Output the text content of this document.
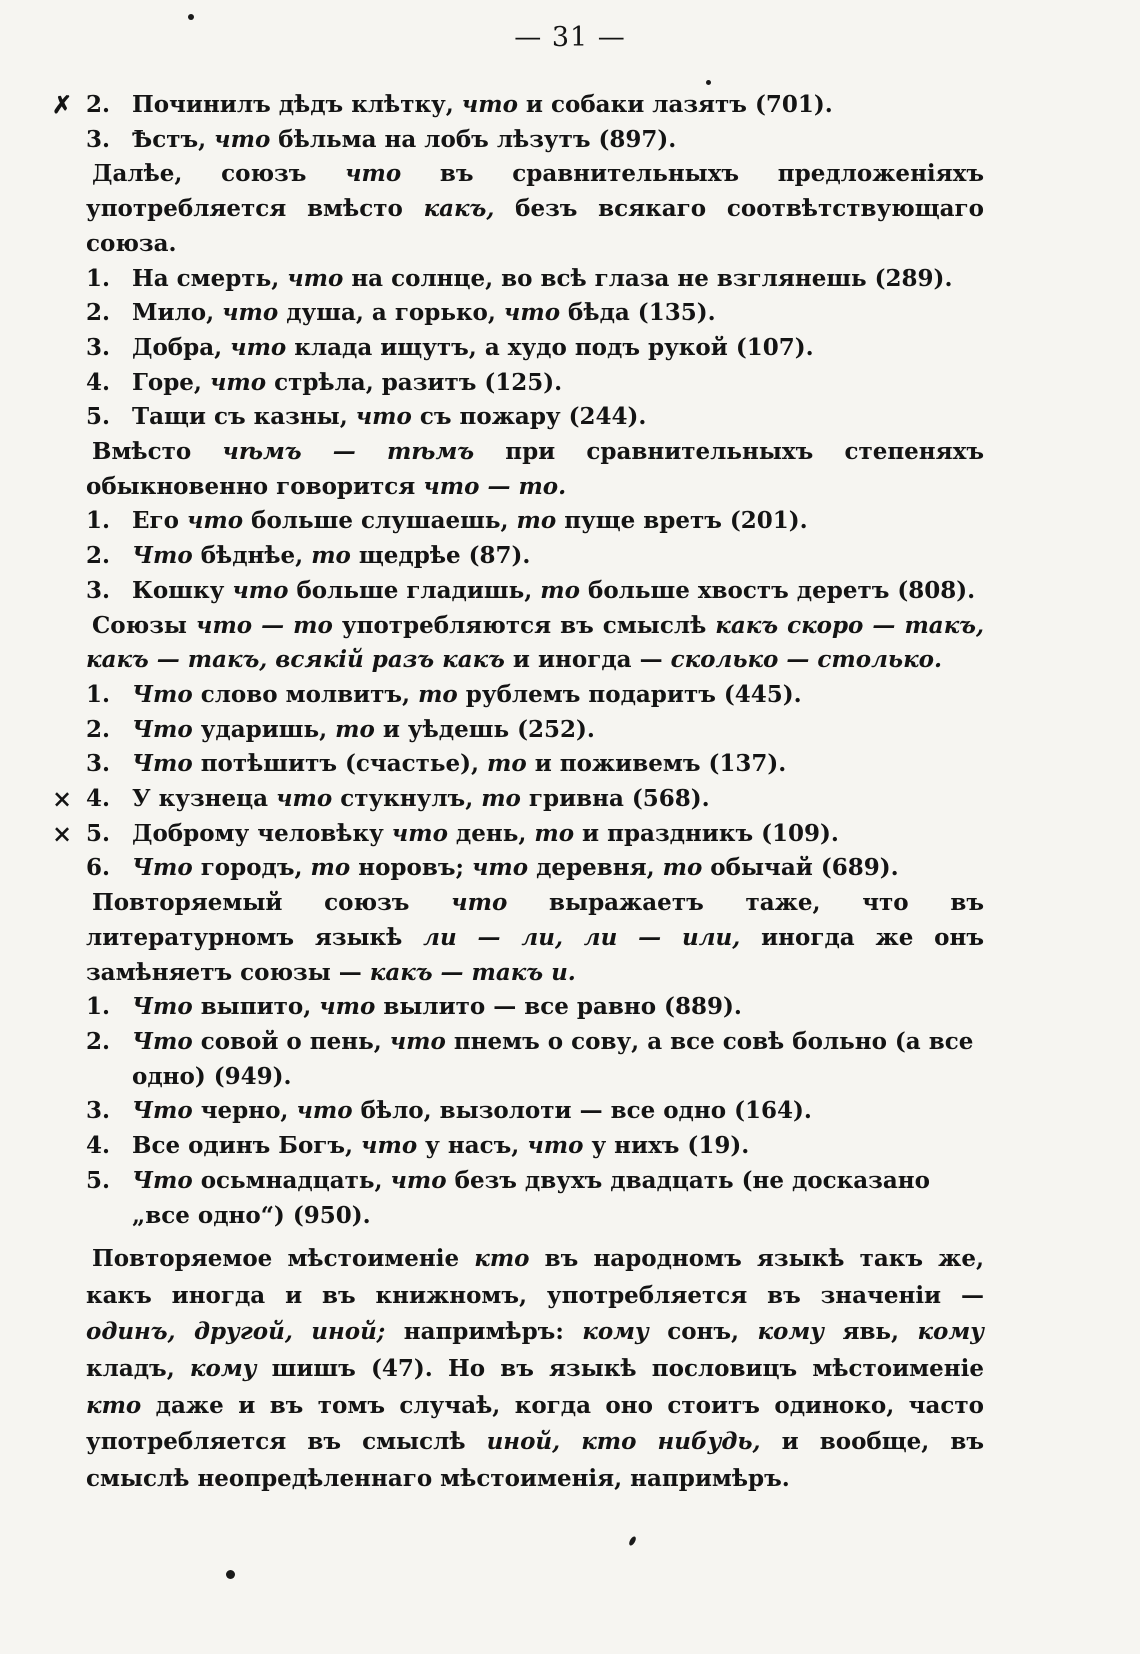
— 31 —
✗ 2. Починилъ дѣдъ клѣтку, что и собаки лазятъ (701).
3. Ѣстъ, что бѣльма на лобъ лѣзутъ (897).

Далѣе, союзъ что въ сравнительныхъ предложеніяхъ употребляется вмѣсто какъ, безъ всякаго соотвѣтствующаго союза.

1. На смерть, что на солнце, во всѣ глаза не взглянешь (289).
2. Мило, что душа, а горько, что бѣда (135).
3. Добра, что клада ищутъ, а худо подъ рукой (107).
4. Горе, что стрѣла, разитъ (125).
5. Тащи съ казны, что съ пожару (244).

Вмѣсто чѣмъ — тѣмъ при сравнительныхъ степеняхъ обыкновенно говорится что — то.

1. Его что больше слушаешь, то пуще вретъ (201).
2. Что бѣднѣе, то щедрѣе (87).
3. Кошку что больше гладишь, то больше хвостъ деретъ (808).

Союзы что — то употребляются въ смыслѣ какъ скоро — такъ, какъ — такъ, всякій разъ какъ и иногда — сколько — столько.

1. Что слово молвитъ, то рублемъ подаритъ (445).
2. Что ударишь, то и уѣдешь (252).
3. Что потѣшитъ (счастье), то и поживемъ (137).
× 4. У кузнеца что стукнулъ, то гривна (568).
× 5. Доброму человѣку что день, то и праздникъ (109).
6. Что городъ, то норовъ; что деревня, то обычай (689).

Повторяемый союзъ что выражаетъ таже, что въ литературномъ языкѣ ли — ли, ли — или, иногда же онъ замѣняетъ союзы — какъ — такъ и.

1. Что выпито, что вылито — все равно (889).
2. Что совой о пень, что пнемъ о сову, а все совѣ больно (а все одно) (949).
3. Что черно, что бѣло, вызолоти — все одно (164).
4. Все одинъ Богъ, что у насъ, что у нихъ (19).
5. Что осьмнадцать, что безъ двухъ двадцать (не досказано „все одно“) (950).

Повторяемое мѣстоименіе кто въ народномъ языкѣ такъ же, какъ иногда и въ книжномъ, употребляется въ значеніи — одинъ, другой, иной; напримѣръ: кому сонъ, кому явь, кому кладъ, кому шишъ (47). Но въ языкѣ пословицъ мѣстоименіе кто даже и въ томъ случаѣ, когда оно стоитъ одиноко, часто употребляется въ смыслѣ иной, кто нибудь, и вообще, въ смыслѣ неопредѣленнаго мѣстоименія, напримѣръ.
